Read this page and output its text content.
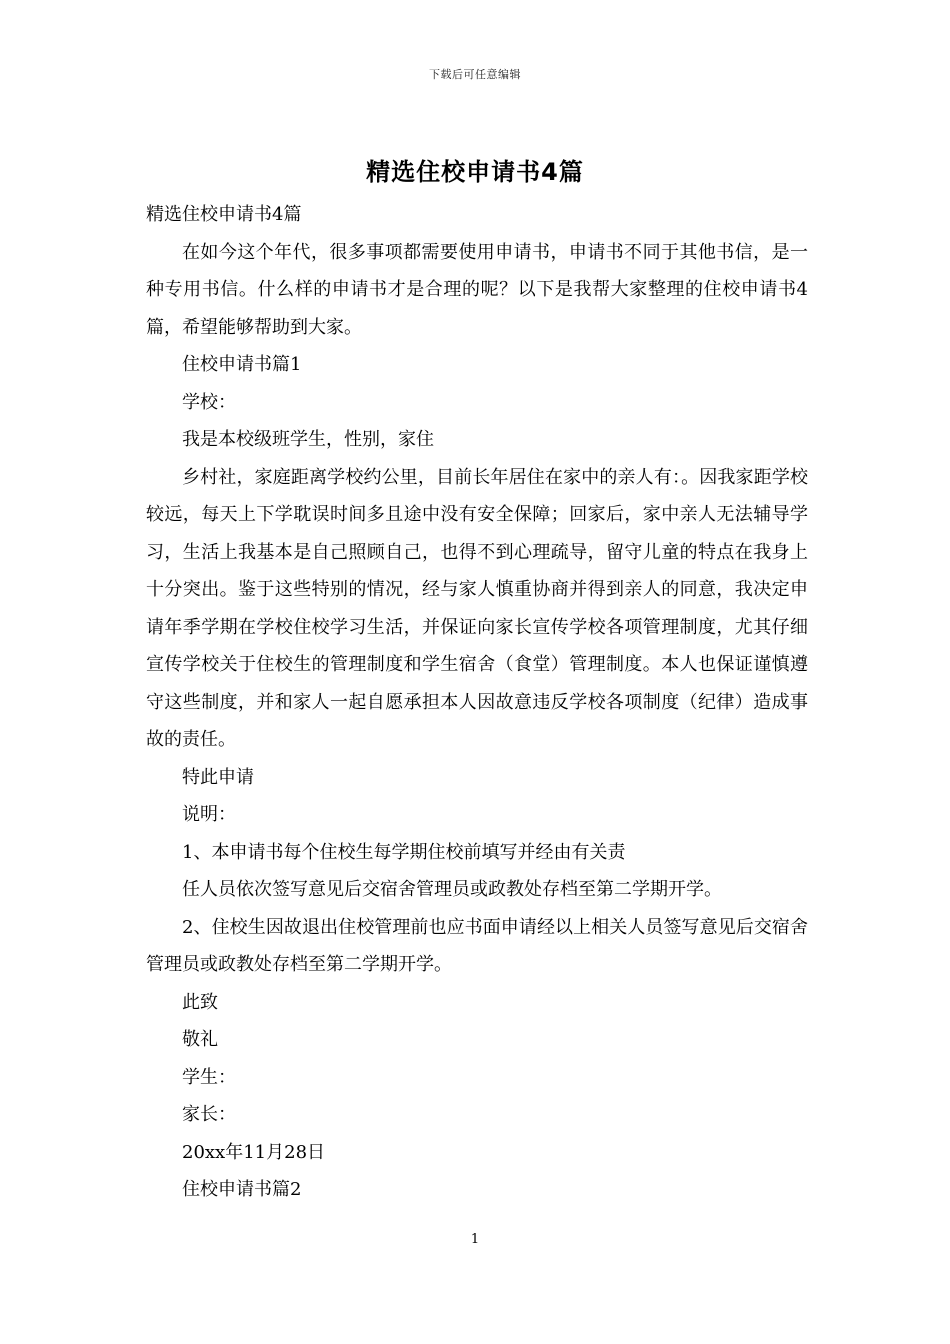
下载后可任意编辑
精选住校申请书4篇

精选住校申请书4篇

在如今这个年代，很多事项都需要使用申请书，申请书不同于其他书信，是一种专用书信。什么样的申请书才是合理的呢？以下是我帮大家整理的住校申请书4篇，希望能够帮助到大家。

住校申请书篇1

学校：

我是本校级班学生，性别，家住

乡村社，家庭距离学校约公里，目前长年居住在家中的亲人有：。因我家距学校较远，每天上下学耽误时间多且途中没有安全保障；回家后，家中亲人无法辅导学习，生活上我基本是自己照顾自己，也得不到心理疏导，留守儿童的特点在我身上十分突出。鉴于这些特别的情况，经与家人慎重协商并得到亲人的同意，我决定申请年季学期在学校住校学习生活，并保证向家长宣传学校各项管理制度，尤其仔细宣传学校关于住校生的管理制度和学生宿舍（食堂）管理制度。本人也保证谨慎遵守这些制度，并和家人一起自愿承担本人因故意违反学校各项制度（纪律）造成事故的责任。

特此申请

说明：

1、本申请书每个住校生每学期住校前填写并经由有关责

任人员依次签写意见后交宿舍管理员或政教处存档至第二学期开学。

2、住校生因故退出住校管理前也应书面申请经以上相关人员签写意见后交宿舍管理员或政教处存档至第二学期开学。

此致

敬礼

学生：

家长：

20xx年11月28日

住校申请书篇2

1
